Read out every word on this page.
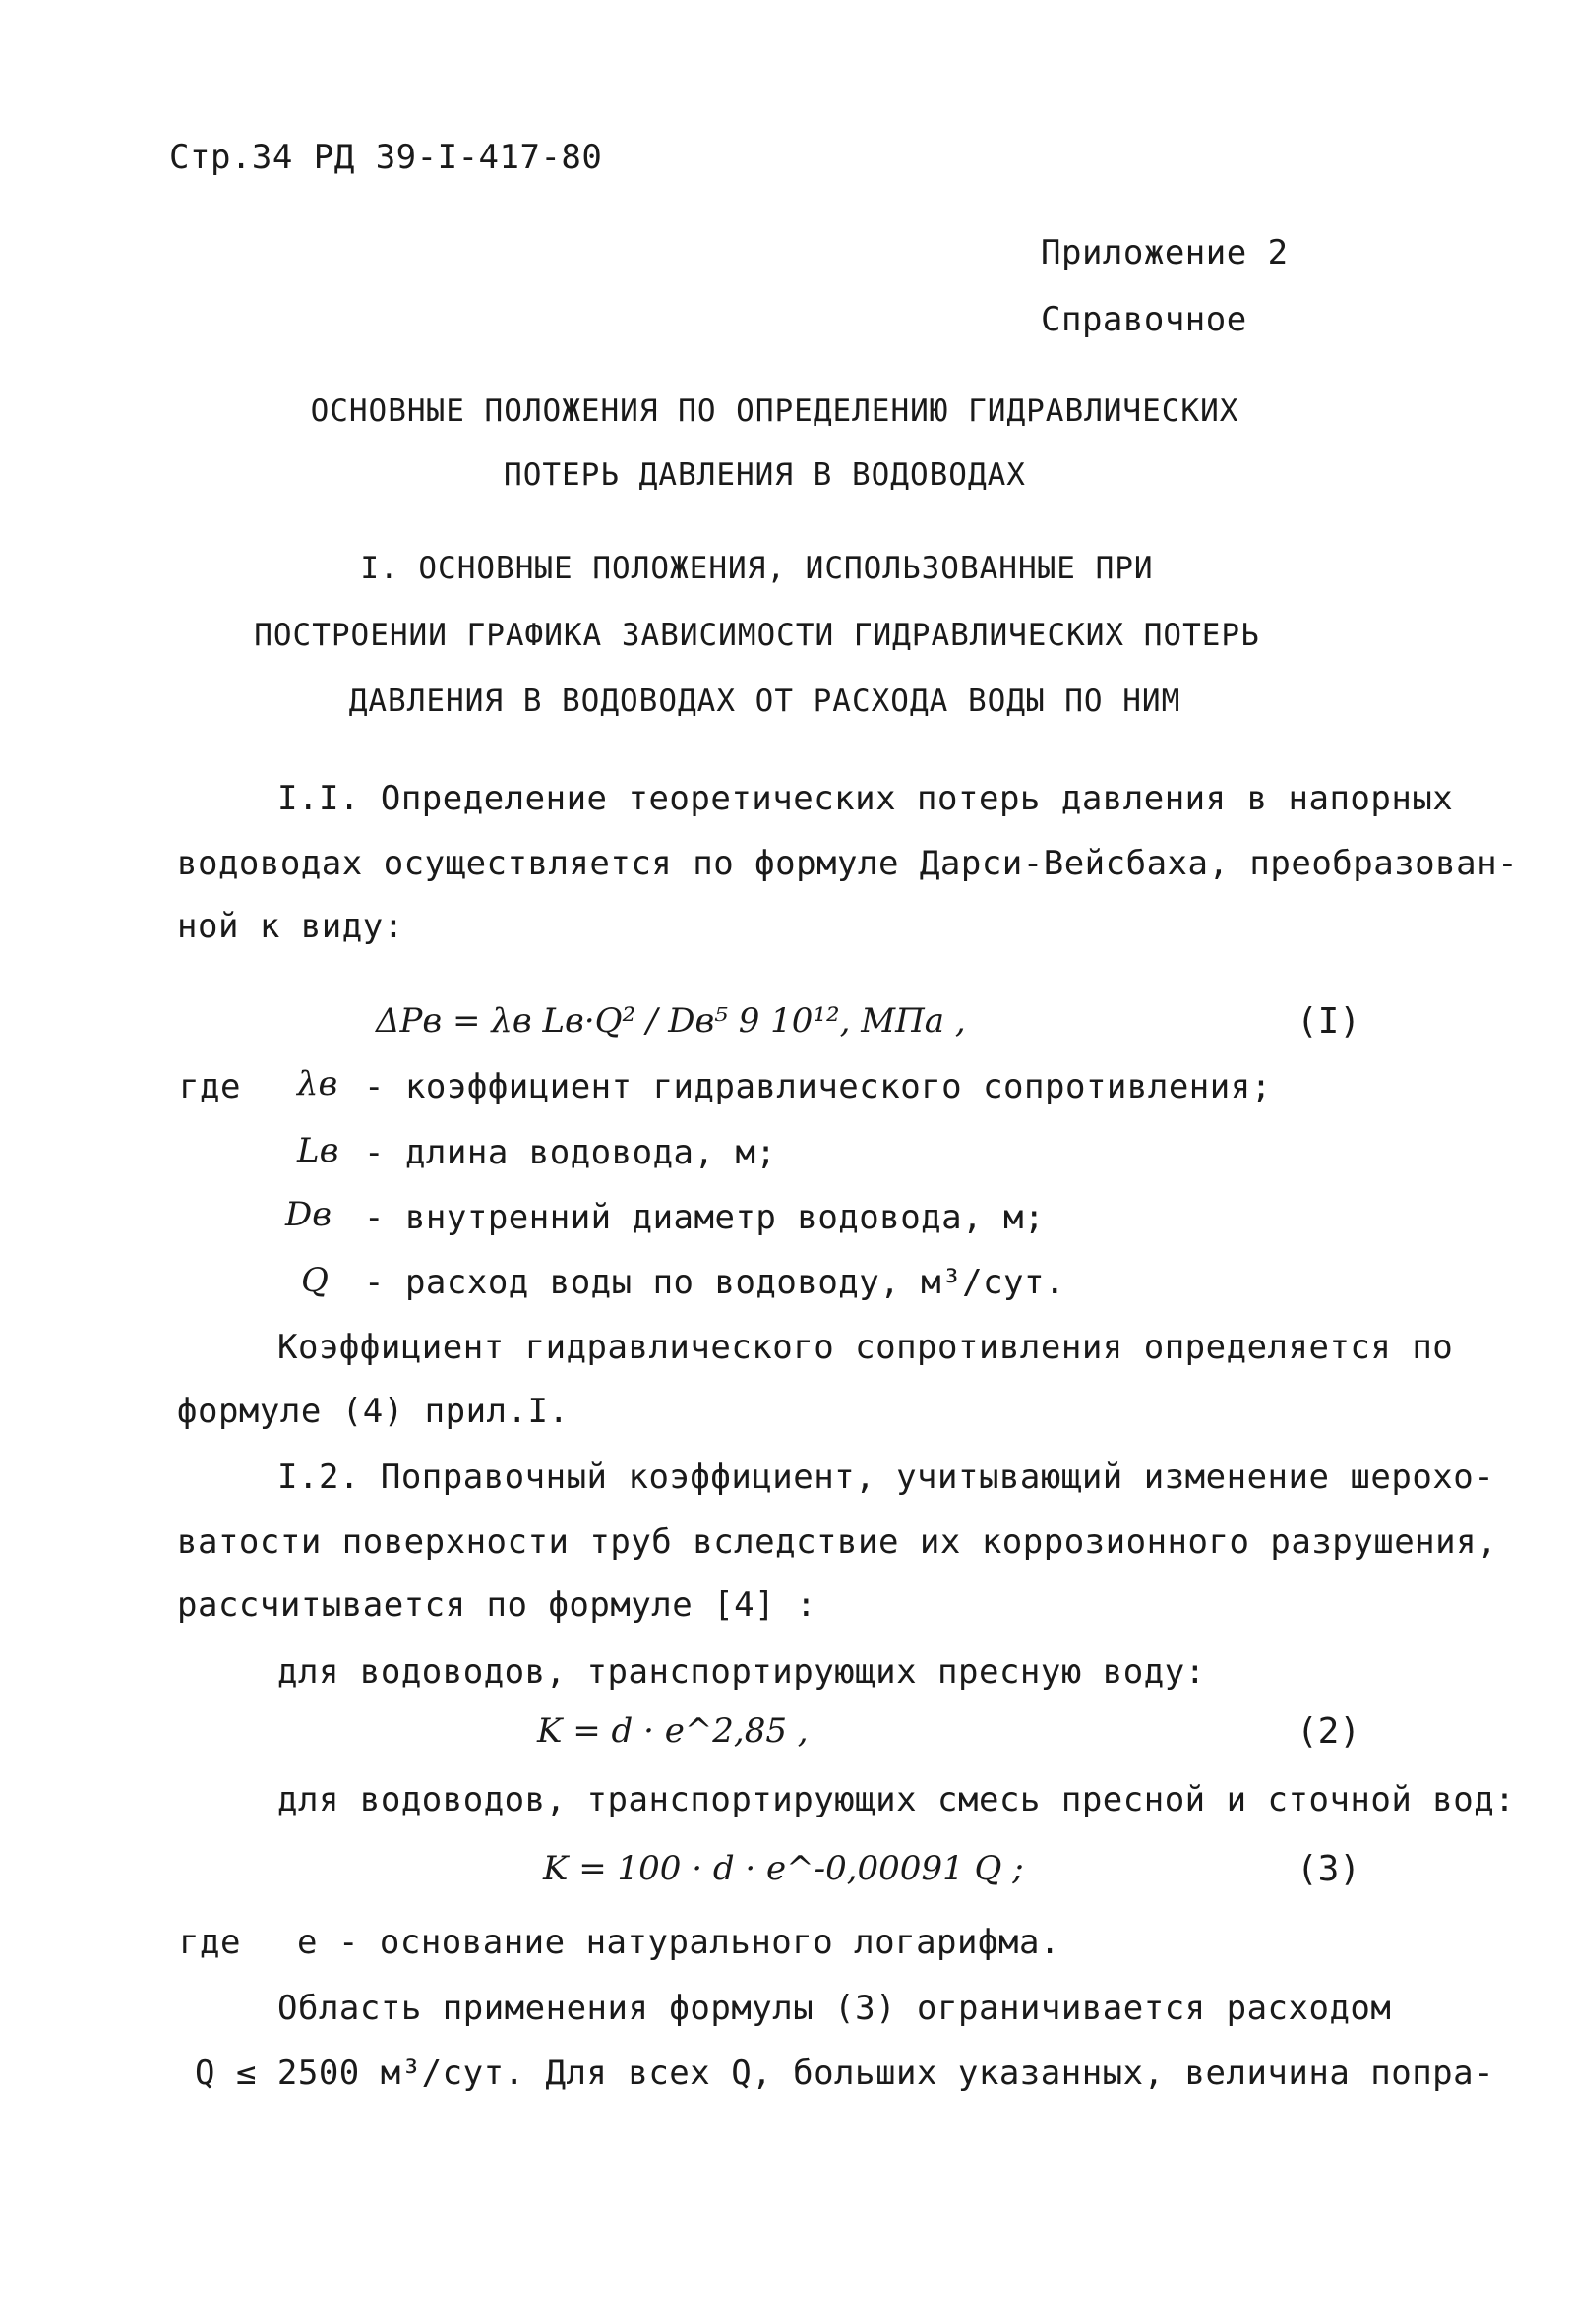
Стр.34 РД 39-I-417-80
Приложение 2
Справочное
ОСНОВНЫЕ ПОЛОЖЕНИЯ ПО ОПРЕДЕЛЕНИЮ ГИДРАВЛИЧЕСКИХ
ПОТЕРЬ ДАВЛЕНИЯ В ВОДОВОДАХ
I. ОСНОВНЫЕ ПОЛОЖЕНИЯ, ИСПОЛЬЗОВАННЫЕ ПРИ
ПОСТРОЕНИИ ГРАФИКА ЗАВИСИМОСТИ ГИДРАВЛИЧЕСКИХ ПОТЕРЬ
ДАВЛЕНИЯ В ВОДОВОДАХ ОТ РАСХОДА ВОДЫ ПО НИМ
I.I. Определение теоретических потерь давления в напорных
водоводах осуществляется по формуле Дарси-Вейсбаха, преобразован-
ной к виду:
ΔPв = λв Lв·Q² / Dв⁵ 9 10¹², МПа ,	(I)
где λв - коэффициент гидравлического сопротивления;
Lв - длина водовода, м;
Dв - внутренний диаметр водовода, м;
Q - расход воды по водоводу, м³/сут.
Коэффициент гидравлического сопротивления определяется по
формуле (4) прил.I.
I.2. Поправочный коэффициент, учитывающий изменение шерохо-
ватости поверхности труб вследствие их коррозионного разрушения,
рассчитывается по формуле [4] :
для водоводов, транспортирующих пресную воду:
K = d · e^2,85 ,	(2)
для водоводов, транспортирующих смесь пресной и сточной вод:
K = 100 · d · e^-0,00091 Q ;	(3)
где е - основание натурального логарифма.
Область применения формулы (3) ограничивается расходом
Q ≤ 2500 м³/сут. Для всех Q, больших указанных, величина попра-
